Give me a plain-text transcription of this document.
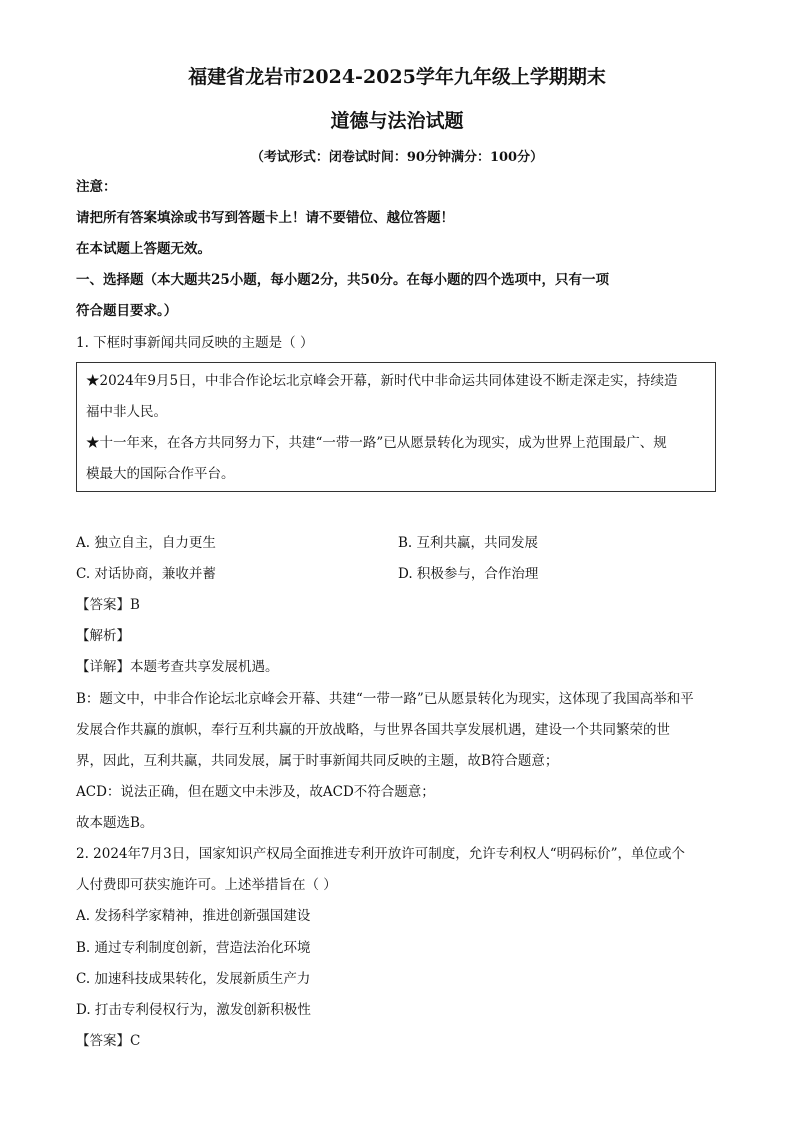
福建省龙岩市2024-2025学年九年级上学期期末
道德与法治试题
（考试形式：闭卷试时间：90分钟满分：100分）
注意：
请把所有答案填涂或书写到答题卡上！请不要错位、越位答题！
在本试题上答题无效。
一、选择题（本大题共25小题，每小题2分，共50分。在每小题的四个选项中，只有一项
符合题目要求。）
1. 下框时事新闻共同反映的主题是（ ）
★2024年9月5日，中非合作论坛北京峰会开幕，新时代中非命运共同体建设不断走深走实，持续造
福中非人民。
★十一年来，在各方共同努力下，共建“一带一路”已从愿景转化为现实，成为世界上范围最广、规
模最大的国际合作平台。
A. 独立自主，自力更生	B. 互利共赢，共同发展
C. 对话协商，兼收并蓄	D. 积极参与，合作治理
【答案】B
【解析】
【详解】本题考查共享发展机遇。
B：题文中，中非合作论坛北京峰会开幕、共建“一带一路”已从愿景转化为现实，这体现了我国高举和平
发展合作共赢的旗帜，奉行互利共赢的开放战略，与世界各国共享发展机遇，建设一个共同繁荣的世
界，因此，互利共赢，共同发展，属于时事新闻共同反映的主题，故B符合题意；
ACD：说法正确，但在题文中未涉及，故ACD不符合题意；
故本题选B。
2. 2024年7月3日，国家知识产权局全面推进专利开放许可制度，允许专利权人“明码标价”，单位或个
人付费即可获实施许可。上述举措旨在（ ）
A. 发扬科学家精神，推进创新强国建设
B. 通过专利制度创新，营造法治化环境
C. 加速科技成果转化，发展新质生产力
D. 打击专利侵权行为，激发创新积极性
【答案】C
